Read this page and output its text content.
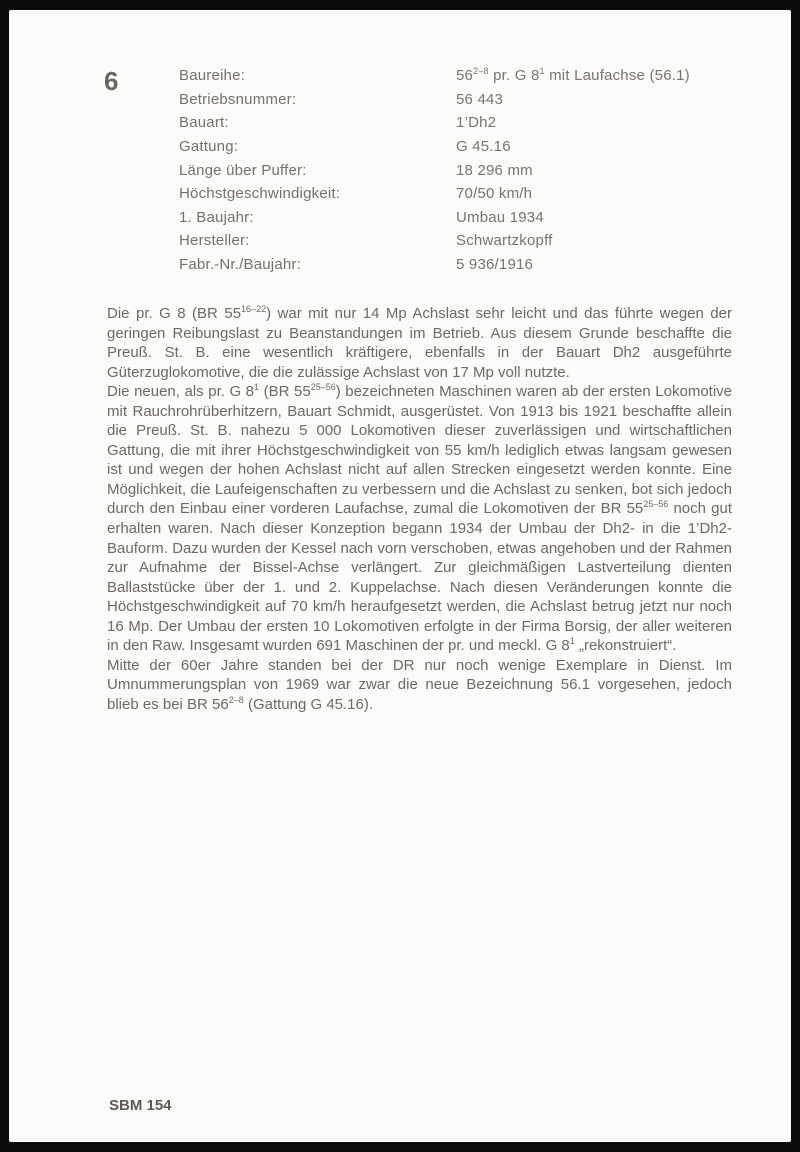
6	Baureihe:	56$^{2-8}$ pr. G $8^1$ mit Laufachse (56.1)
Betriebsnummer:	56 443
Bauart:	1’Dh2
Gattung:	G 45.16
Länge über Puffer:	18 296 mm
Höchstgeschwindigkeit:	70/50 km/h
1. Baujahr:	Umbau 1934
Hersteller:	Schwartzkopff
Fabr.-Nr./Baujahr:	5 936/1916

Die pr. G 8 (BR 55$^{16-22}$) war mit nur 14 Mp Achslast sehr leicht und das führte wegen der geringen Reibungslast zu Beanstandungen im Betrieb. Aus diesem Grunde beschaffte die Preuß. St. B. eine wesentlich kräftigere, ebenfalls in der Bauart Dh2 ausgeführte Güterzuglokomotive, die die zulässige Achslast von 17 Mp voll nutzte.
Die neuen, als pr. G $8^1$ (BR 55$^{25-56}$) bezeichneten Maschinen waren ab der ersten Lokomotive mit Rauchrohrüberhitzern, Bauart Schmidt, ausgerüstet. Von 1913 bis 1921 beschaffte allein die Preuß. St. B. nahezu 5 000 Lokomotiven dieser zuverlässigen und wirtschaftlichen Gattung, die mit ihrer Höchstgeschwindigkeit von 55 km/h lediglich etwas langsam gewesen ist und wegen der hohen Achslast nicht auf allen Strecken eingesetzt werden konnte. Eine Möglichkeit, die Laufeigenschaften zu verbessern und die Achslast zu senken, bot sich jedoch durch den Einbau einer vorderen Laufachse, zumal die Lokomotiven der BR 55$^{25-56}$ noch gut erhalten waren. Nach dieser Konzeption begann 1934 der Umbau der Dh2- in die 1’Dh2-Bauform. Dazu wurden der Kessel nach vorn verschoben, etwas angehoben und der Rahmen zur Aufnahme der Bissel-Achse verlängert. Zur gleichmäßigen Lastverteilung dienten Ballaststücke über der 1. und 2. Kuppelachse. Nach diesen Veränderungen konnte die Höchstgeschwindigkeit auf 70 km/h heraufgesetzt werden, die Achslast betrug jetzt nur noch 16 Mp. Der Umbau der ersten 10 Lokomotiven erfolgte in der Firma Borsig, der aller weiteren in den Raw. Insgesamt wurden 691 Maschinen der pr. und meckl. G $8^1$ „rekonstruiert“.
Mitte der 60er Jahre standen bei der DR nur noch wenige Exemplare in Dienst. Im Umnummerungsplan von 1969 war zwar die neue Bezeichnung 56.1 vorgesehen, jedoch blieb es bei BR 56$^{2-8}$ (Gattung G 45.16).

SBM 154
